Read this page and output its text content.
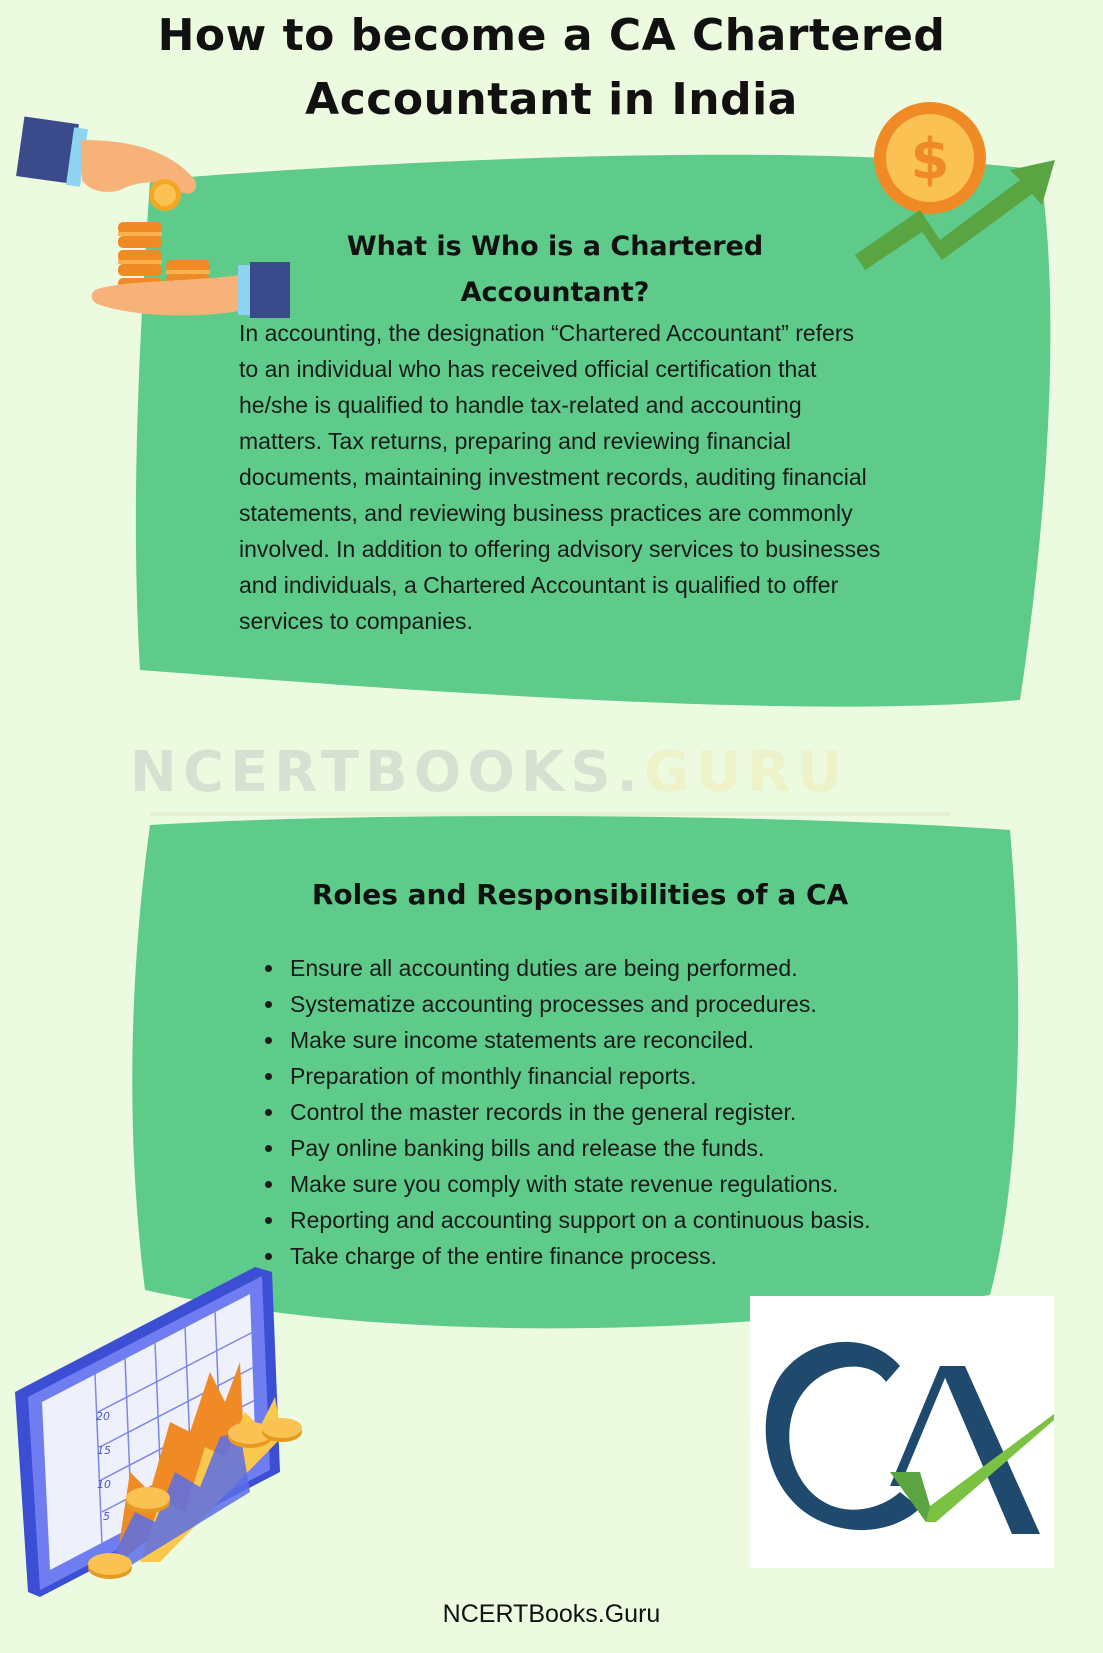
How to become a CA Chartered
Accountant in India
$
What is Who is a Chartered
Accountant?
In accounting, the designation “Chartered Accountant” refers
to an individual who has received official certification that
he/she is qualified to handle tax-related and accounting
matters. Tax returns, preparing and reviewing financial
documents, maintaining investment records, auditing financial
statements, and reviewing business practices are commonly
involved. In addition to offering advisory services to businesses
and individuals, a Chartered Accountant is qualified to offer
services to companies.
NCERTBOOKS.GURU
Roles and Responsibilities of a CA
• Ensure all accounting duties are being performed.
• Systematize accounting processes and procedures.
• Make sure income statements are reconciled.
• Preparation of monthly financial reports.
• Control the master records in the general register.
• Pay online banking bills and release the funds.
• Make sure you comply with state revenue regulations.
• Reporting and accounting support on a continuous basis.
• Take charge of the entire finance process.
20
15
10
5
NCERTBooks.Guru
